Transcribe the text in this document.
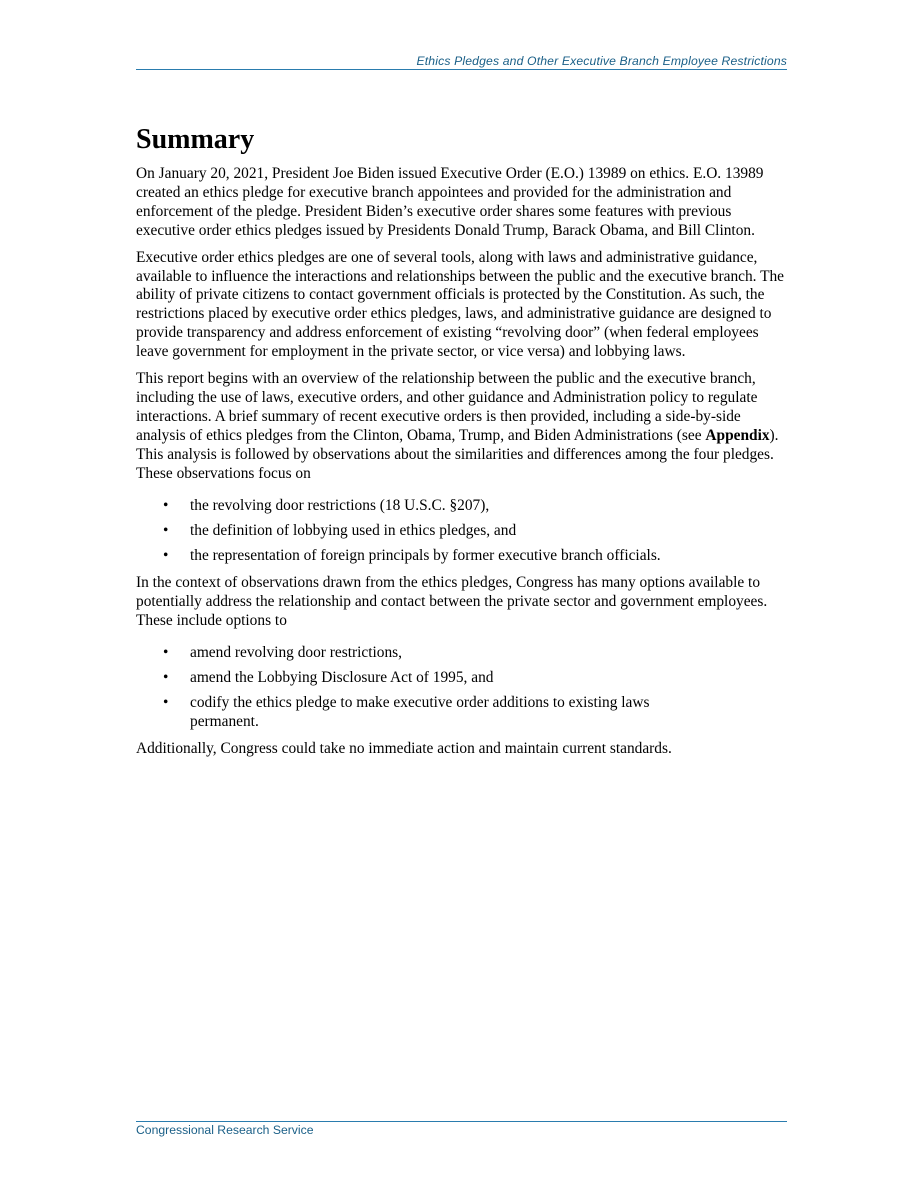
Ethics Pledges and Other Executive Branch Employee Restrictions
Summary

On January 20, 2021, President Joe Biden issued Executive Order (E.O.) 13989 on ethics. E.O. 13989 created an ethics pledge for executive branch appointees and provided for the administration and enforcement of the pledge. President Biden’s executive order shares some features with previous executive order ethics pledges issued by Presidents Donald Trump, Barack Obama, and Bill Clinton.

Executive order ethics pledges are one of several tools, along with laws and administrative guidance, available to influence the interactions and relationships between the public and the executive branch. The ability of private citizens to contact government officials is protected by the Constitution. As such, the restrictions placed by executive order ethics pledges, laws, and administrative guidance are designed to provide transparency and address enforcement of existing “revolving door” (when federal employees leave government for employment in the private sector, or vice versa) and lobbying laws.

This report begins with an overview of the relationship between the public and the executive branch, including the use of laws, executive orders, and other guidance and Administration policy to regulate interactions. A brief summary of recent executive orders is then provided, including a side-by-side analysis of ethics pledges from the Clinton, Obama, Trump, and Biden Administrations (see Appendix). This analysis is followed by observations about the similarities and differences among the four pledges. These observations focus on

• the revolving door restrictions (18 U.S.C. §207),
• the definition of lobbying used in ethics pledges, and
• the representation of foreign principals by former executive branch officials.

In the context of observations drawn from the ethics pledges, Congress has many options available to potentially address the relationship and contact between the private sector and government employees. These include options to

• amend revolving door restrictions,
• amend the Lobbying Disclosure Act of 1995, and
• codify the ethics pledge to make executive order additions to existing laws permanent.

Additionally, Congress could take no immediate action and maintain current standards.

Congressional Research Service
